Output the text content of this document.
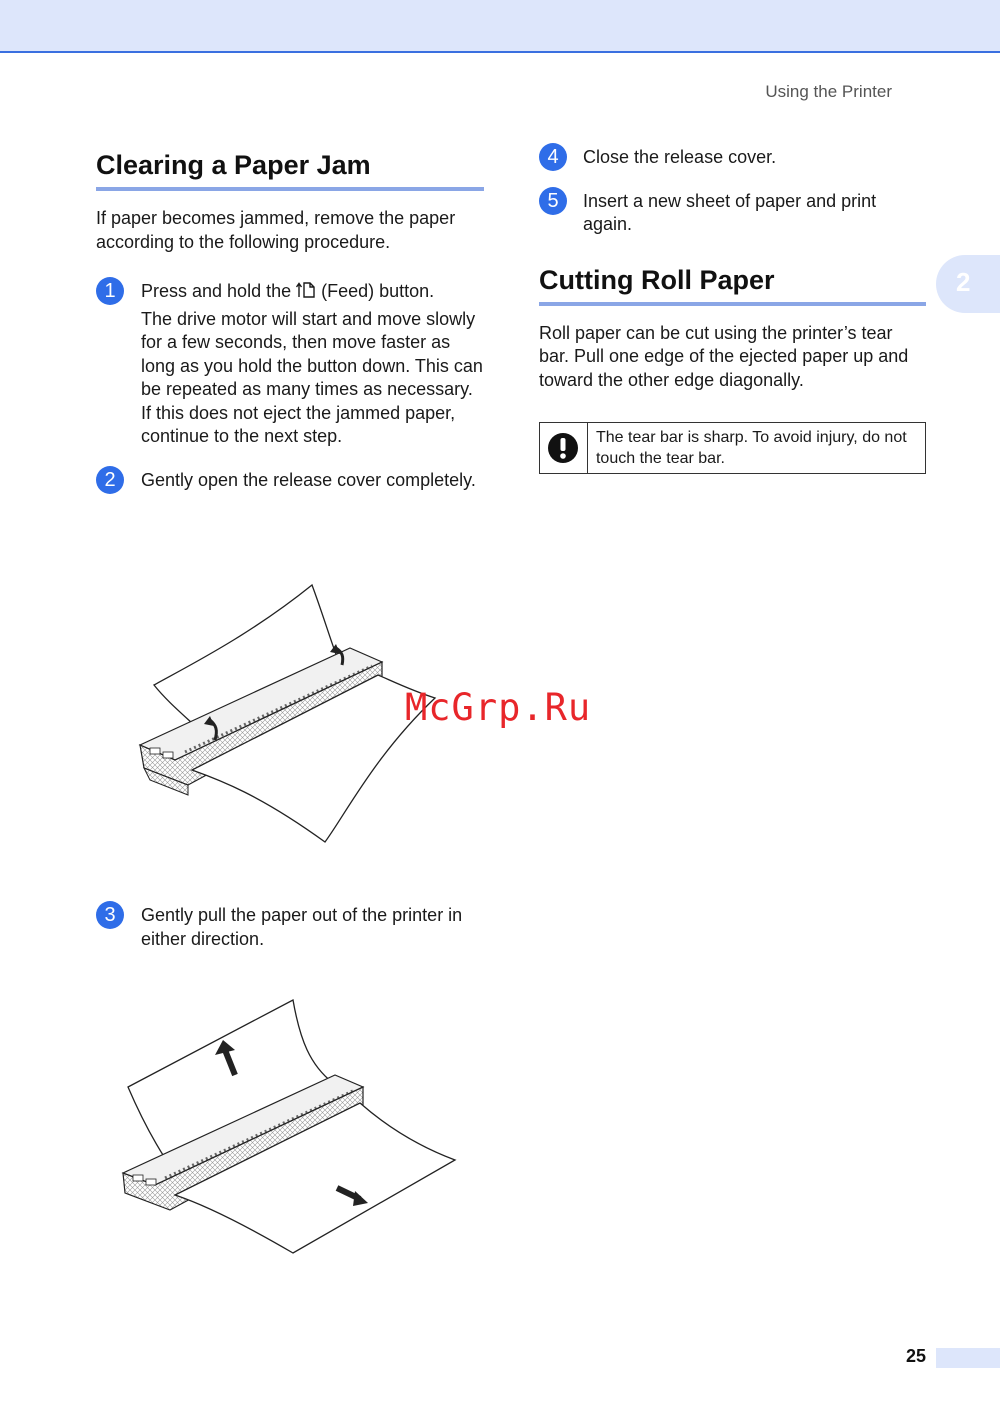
Using the Printer
2
Clearing a Paper Jam

If paper becomes jammed, remove the paper according to the following procedure.

1	Press and hold the  (Feed) button.
The drive motor will start and move slowly for a few seconds, then move faster as long as you hold the button down. This can be repeated as many times as necessary.
If this does not eject the jammed paper, continue to the next step.
2	Gently open the release cover completely.
3	Gently pull the paper out of the printer in either direction.
4	Close the release cover.
5	Insert a new sheet of paper and print again.
Cutting Roll Paper

Roll paper can be cut using the printer’s tear bar. Pull one edge of the ejected paper up and toward the other edge diagonally.

The tear bar is sharp. To avoid injury, do not touch the tear bar.
McGrp.Ru
25
